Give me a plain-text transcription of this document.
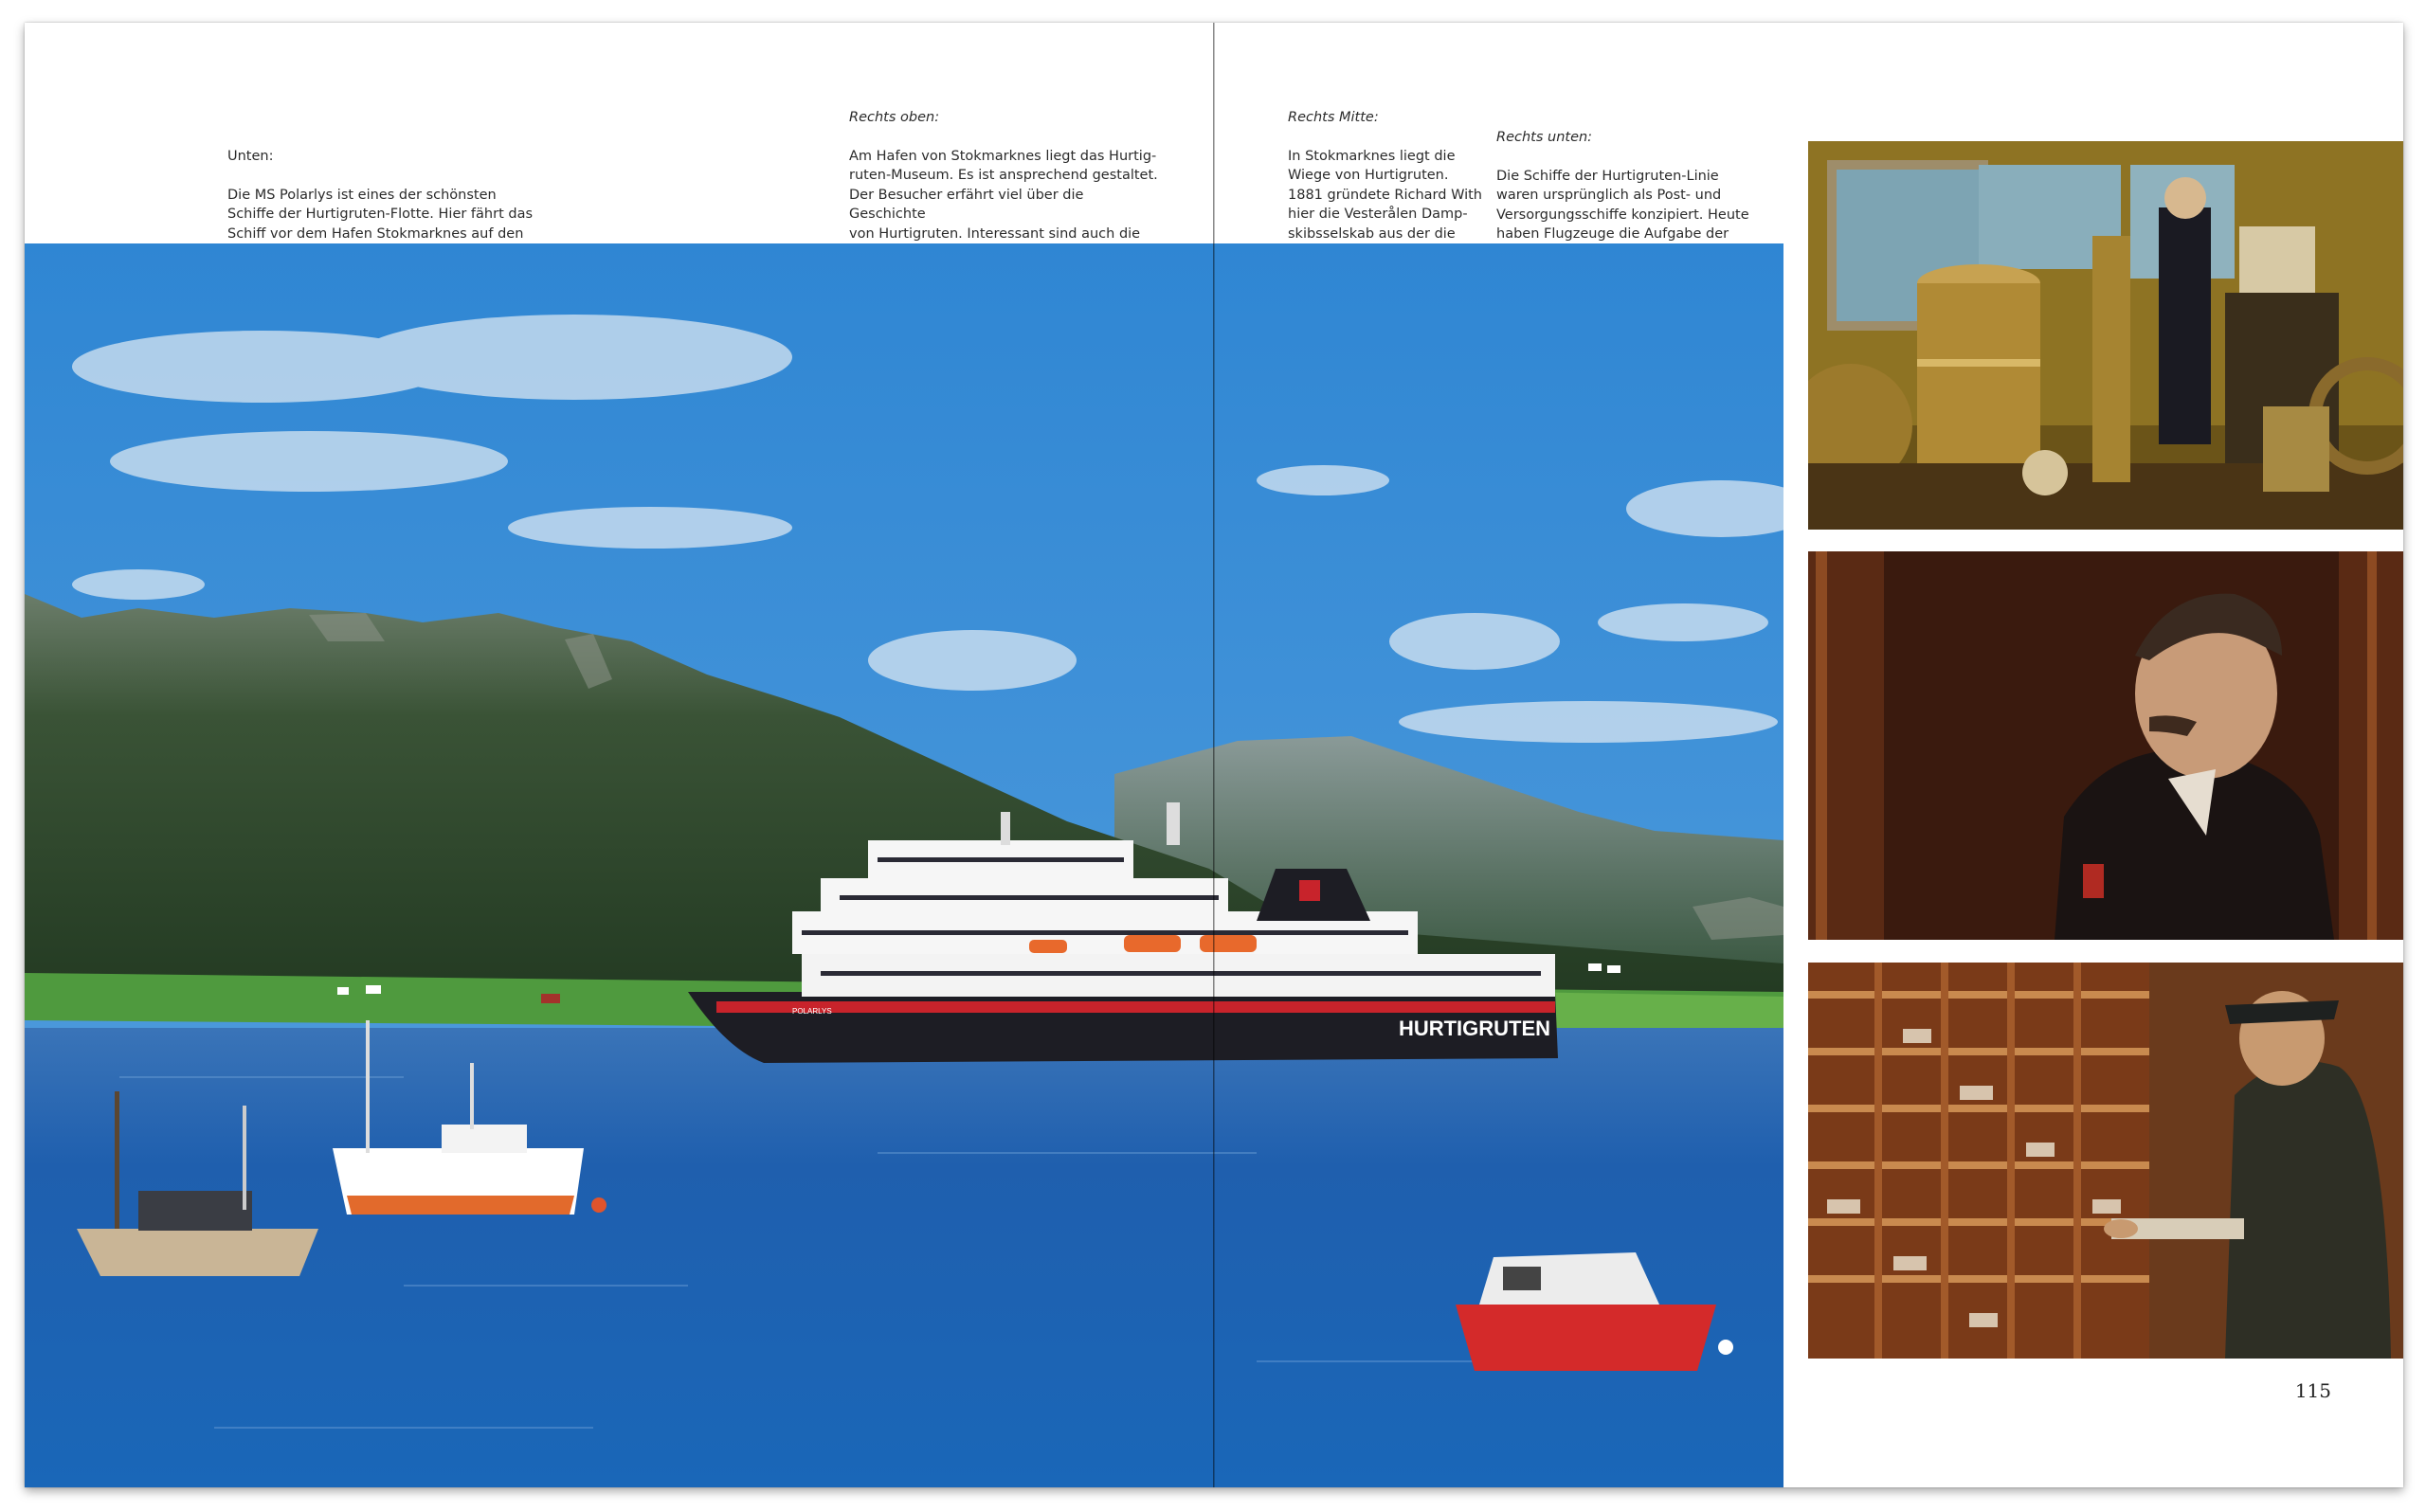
Unten:

Die MS Polarlys ist eines der schönsten
Schiffe der Hurtigruten-Flotte. Hier fährt das
Schiff vor dem Hafen Stokmarknes auf den

Rechts oben:

Am Hafen von Stokmarknes liegt das Hurtig-
ruten-Museum. Es ist ansprechend gestaltet.
Der Besucher erfährt viel über die Geschichte
von Hurtigruten. Interessant sind auch die

Rechts Mitte:

In Stokmarknes liegt die
Wiege von Hurtigruten.
1881 gründete Richard With
hier die Vesterålen Damp-
skibsselskab aus der die

Rechts unten:

Die Schiffe der Hurtigruten-Linie
waren ursprünglich als Post- und
Versorgungsschiffe konzipiert. Heute
haben Flugzeuge die Aufgabe der

HURTIGRUTEN
POLARLYS
115
